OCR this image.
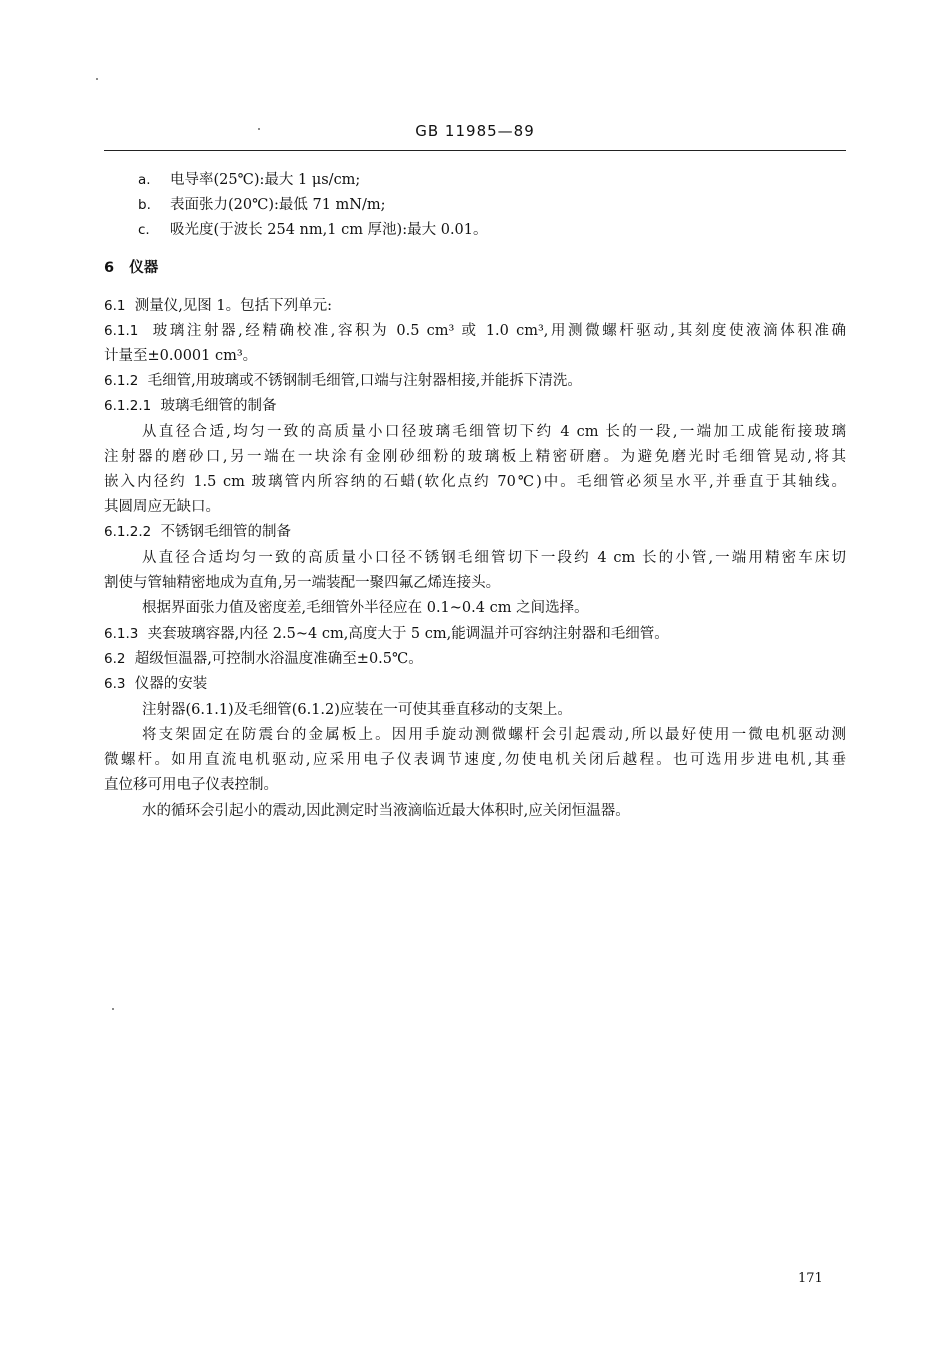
GB 11985—89
a. 电导率(25℃):最大 1 μs/cm;
b. 表面张力(20℃):最低 71 mN/m;
c. 吸光度(于波长 254 nm,1 cm 厚池):最大 0.01。
6 仪器
6.1 测量仪,见图 1。包括下列单元:
6.1.1 玻璃注射器,经精确校准,容积为 0.5 cm³ 或 1.0 cm³,用测微螺杆驱动,其刻度使液滴体积准确
计量至±0.0001 cm³。
6.1.2 毛细管,用玻璃或不锈钢制毛细管,口端与注射器相接,并能拆下清洗。
6.1.2.1 玻璃毛细管的制备
从直径合适,均匀一致的高质量小口径玻璃毛细管切下约 4 cm 长的一段,一端加工成能衔接玻璃
注射器的磨砂口,另一端在一块涂有金刚砂细粉的玻璃板上精密研磨。为避免磨光时毛细管晃动,将其
嵌入内径约 1.5 cm 玻璃管内所容纳的石蜡(软化点约 70℃)中。毛细管必须呈水平,并垂直于其轴线。
其圆周应无缺口。
6.1.2.2 不锈钢毛细管的制备
从直径合适均匀一致的高质量小口径不锈钢毛细管切下一段约 4 cm 长的小管,一端用精密车床切
割使与管轴精密地成为直角,另一端装配一聚四氟乙烯连接头。
根据界面张力值及密度差,毛细管外半径应在 0.1~0.4 cm 之间选择。
6.1.3 夹套玻璃容器,内径 2.5~4 cm,高度大于 5 cm,能调温并可容纳注射器和毛细管。
6.2 超级恒温器,可控制水浴温度准确至±0.5℃。
6.3 仪器的安装
注射器(6.1.1)及毛细管(6.1.2)应装在一可使其垂直移动的支架上。
将支架固定在防震台的金属板上。因用手旋动测微螺杆会引起震动,所以最好使用一微电机驱动测
微螺杆。如用直流电机驱动,应采用电子仪表调节速度,勿使电机关闭后越程。也可选用步进电机,其垂
直位移可用电子仪表控制。
水的循环会引起小的震动,因此测定时当液滴临近最大体积时,应关闭恒温器。
171
